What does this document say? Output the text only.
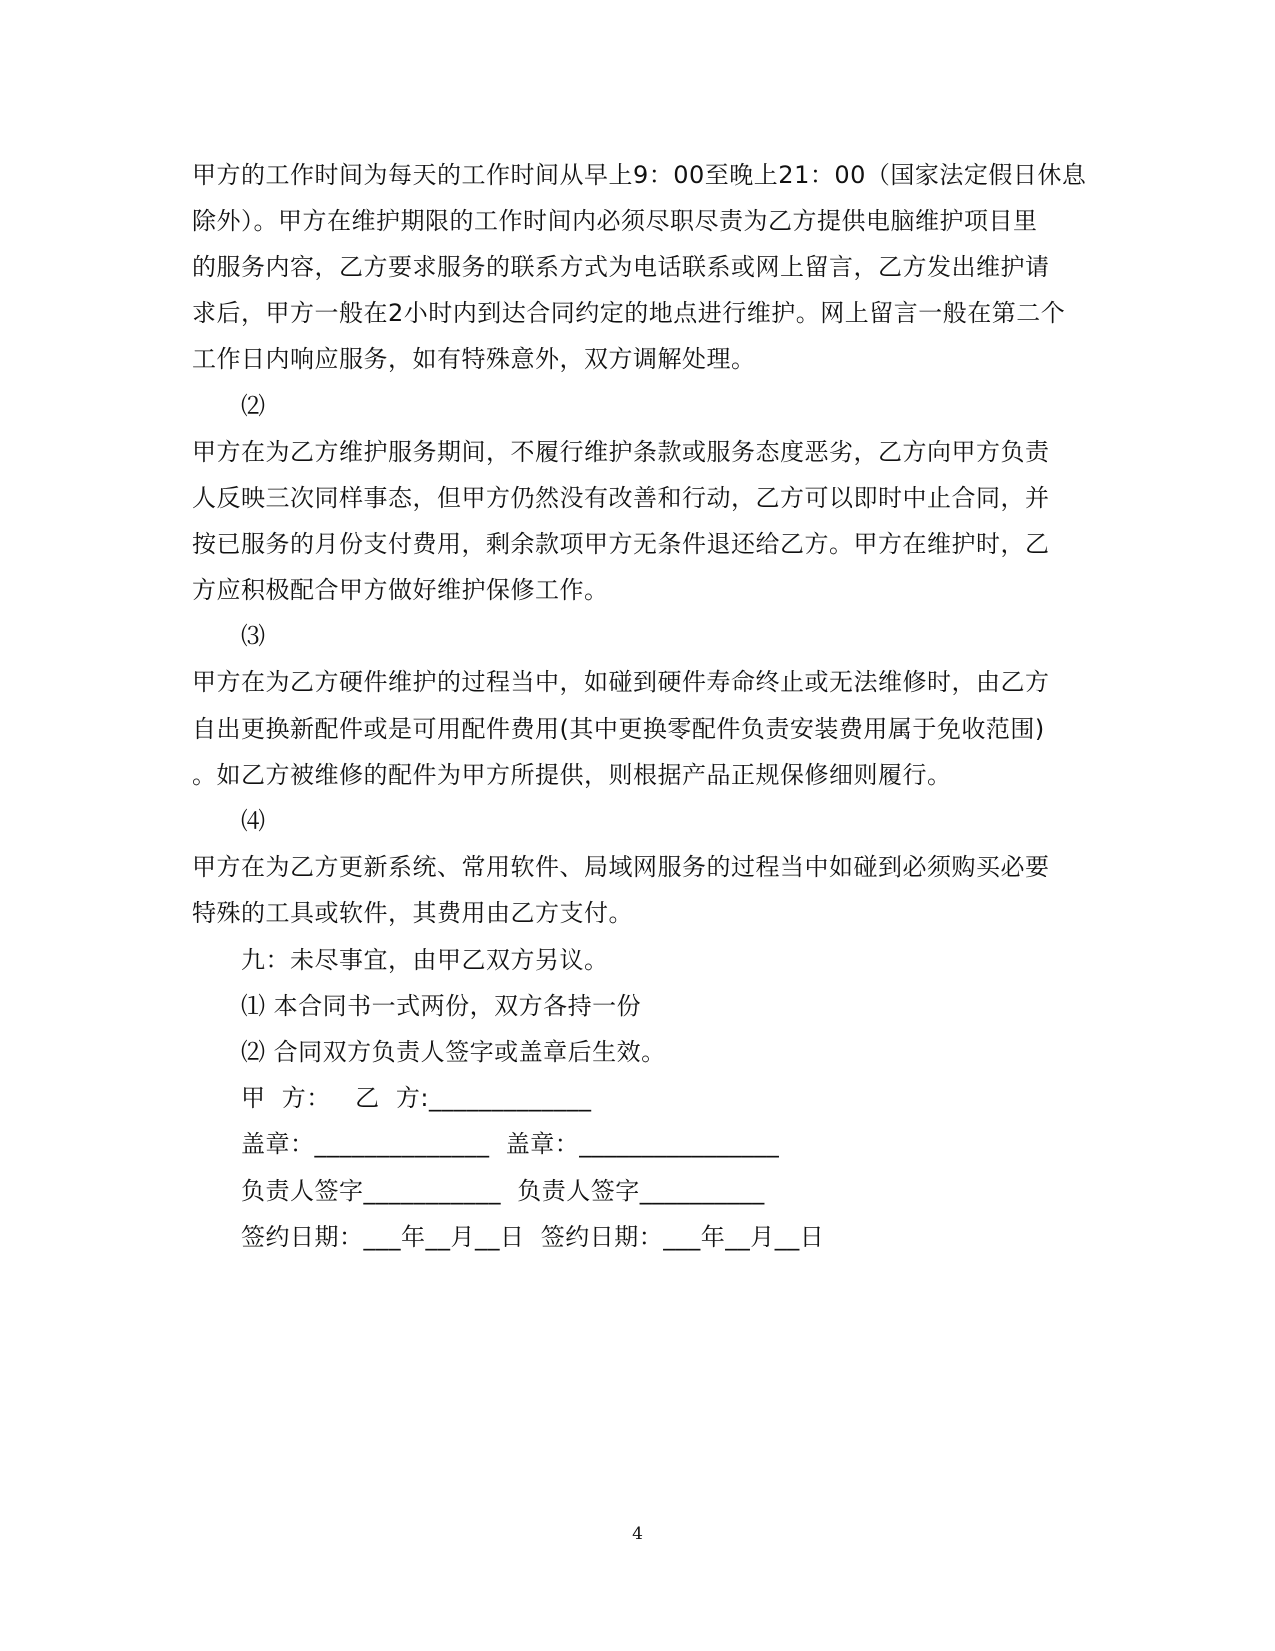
甲方的工作时间为每天的工作时间从早上9：00至晚上21：00（国家法定假日休息
除外）。甲方在维护期限的工作时间内必须尽职尽责为乙方提供电脑维护项目里
的服务内容，乙方要求服务的联系方式为电话联系或网上留言，乙方发出维护请
求后，甲方一般在2小时内到达合同约定的地点进行维护。网上留言一般在第二个
工作日内响应服务，如有特殊意外，双方调解处理。
⑵
甲方在为乙方维护服务期间，不履行维护条款或服务态度恶劣，乙方向甲方负责
人反映三次同样事态，但甲方仍然没有改善和行动，乙方可以即时中止合同，并
按已服务的月份支付费用，剩余款项甲方无条件退还给乙方。甲方在维护时，乙
方应积极配合甲方做好维护保修工作。
⑶
甲方在为乙方硬件维护的过程当中，如碰到硬件寿命终止或无法维修时，由乙方
自出更换新配件或是可用配件费用(其中更换零配件负责安装费用属于免收范围)
。如乙方被维修的配件为甲方所提供，则根据产品正规保修细则履行。
⑷
甲方在为乙方更新系统、常用软件、局域网服务的过程当中如碰到必须购买必要
特殊的工具或软件，其费用由乙方支付。
九：未尽事宜，由甲乙双方另议。
⑴ 本合同书一式两份，双方各持一份
⑵ 合同双方负责人签字或盖章后生效。
甲  方：   乙  方:_____________
盖章：______________  盖章：________________
负责人签字___________  负责人签字__________
签约日期：___年__月__日  签约日期：___年__月__日
4
